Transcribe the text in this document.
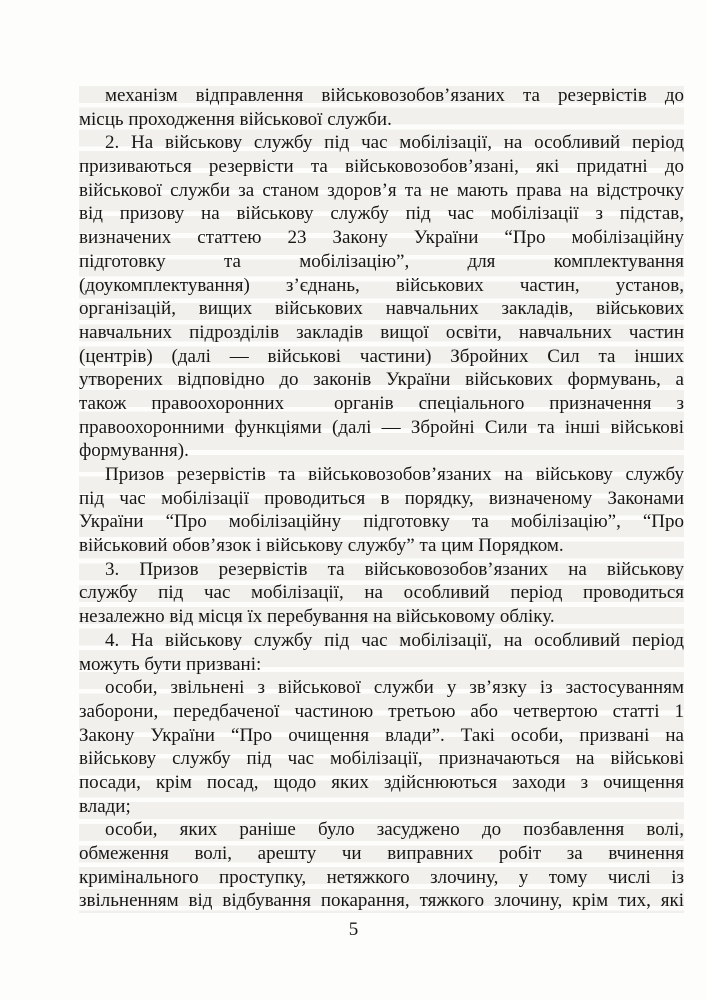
механізм відправлення військовозобов’язаних та резервістів до
місць проходження військової служби.
2. На військову службу під час мобілізації, на особливий період
призиваються резервісти та військовозобов’язані, які придатні до
військової служби за станом здоров’я та не мають права на відстрочку
від призову на військову службу під час мобілізації з підстав,
визначених статтею 23 Закону України “Про мобілізаційну
підготовку та мобілізацію”, для комплектування
(доукомплектування) з’єднань, військових частин, установ,
організацій, вищих військових навчальних закладів, військових
навчальних підрозділів закладів вищої освіти, навчальних частин
(центрів) (далі — військові частини) Збройних Сил та інших
утворених відповідно до законів України військових формувань, а
також правоохоронних  органів спеціального призначення з
правоохоронними функціями (далі — Збройні Сили та інші військові
формування).
Призов резервістів та військовозобов’язаних на військову службу
під час мобілізації проводиться в порядку, визначеному Законами
України “Про мобілізаційну підготовку та мобілізацію”, “Про
військовий обов’язок і військову службу” та цим Порядком.
3. Призов резервістів та військовозобов’язаних на військову
службу під час мобілізації, на особливий період проводиться
незалежно від місця їх перебування на військовому обліку.
4. На військову службу під час мобілізації, на особливий період
можуть бути призвані:
особи, звільнені з військової служби у зв’язку із застосуванням
заборони, передбаченої частиною третьою або четвертою статті 1
Закону України “Про очищення влади”. Такі особи, призвані на
військову службу під час мобілізації, призначаються на військові
посади, крім посад, щодо яких здійснюються заходи з очищення
влади;
особи, яких раніше було засуджено до позбавлення волі,
обмеження волі, арешту чи виправних робіт за вчинення
кримінального проступку, нетяжкого злочину, у тому числі із
звільненням від відбування покарання, тяжкого злочину, крім тих, які
5
